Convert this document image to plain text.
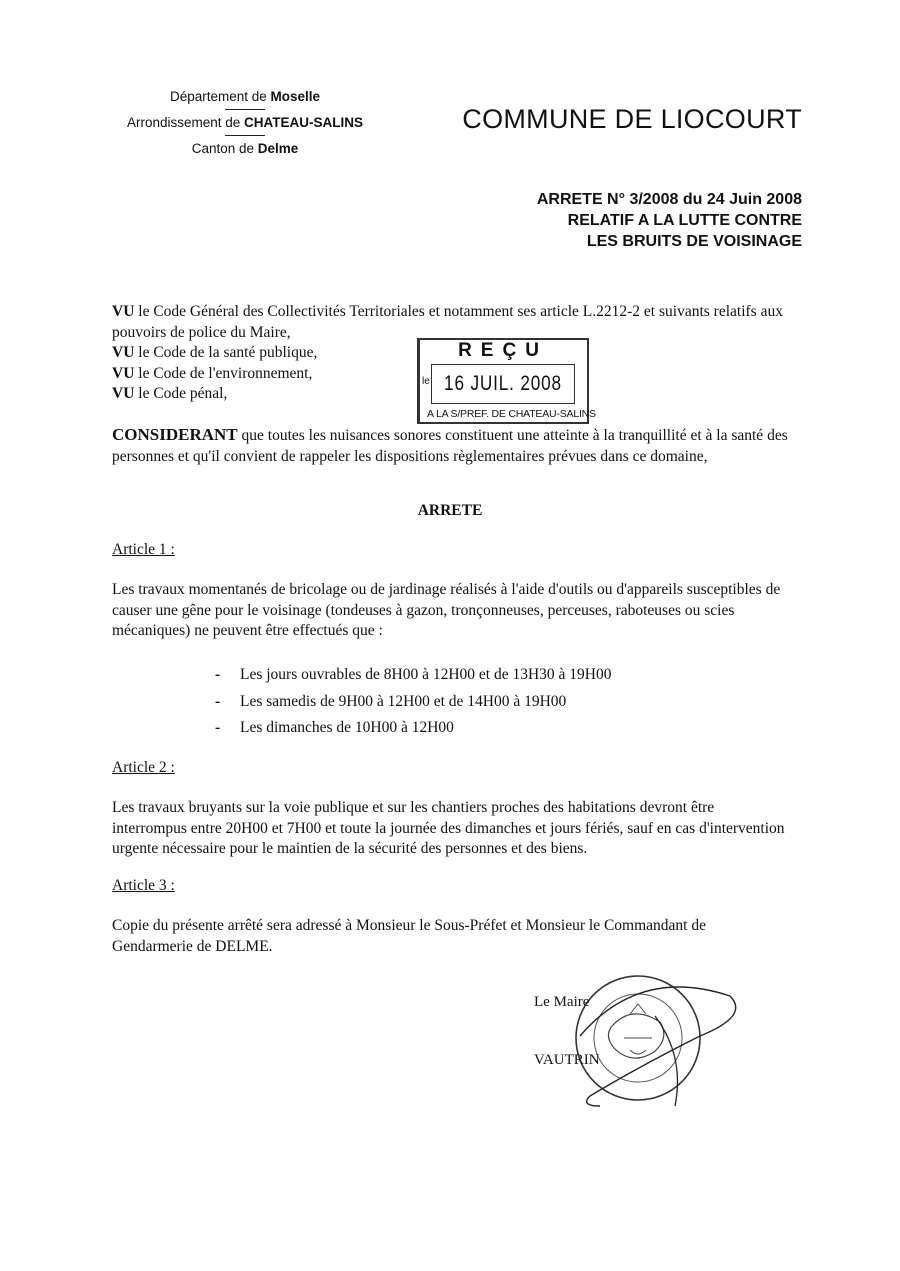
Département de Moselle
Arrondissement de CHATEAU-SALINS
Canton de Delme
COMMUNE DE LIOCOURT
ARRETE N° 3/2008 du 24 Juin 2008
RELATIF A LA LUTTE CONTRE
LES BRUITS DE VOISINAGE
VU le Code Général des Collectivités Territoriales et notamment ses article L.2212-2 et suivants relatifs aux pouvoirs de police du Maire,
VU le Code de la santé publique,
VU le Code de l'environnement,
VU le Code pénal,
REÇU
le 16 JUIL. 2008
A LA S/PREF. DE CHATEAU-SALINS
CONSIDERANT que toutes les nuisances sonores constituent une atteinte à la tranquillité et à la santé des personnes et qu'il convient de rappeler les dispositions règlementaires prévues dans ce domaine,
ARRETE
Article 1 :
Les travaux momentanés de bricolage ou de jardinage réalisés à l'aide d'outils ou d'appareils susceptibles de causer une gêne pour le voisinage (tondeuses à gazon, tronçonneuses, perceuses, raboteuses ou scies mécaniques) ne peuvent être effectués que :
- Les jours ouvrables de 8H00 à 12H00 et de 13H30 à 19H00
- Les samedis de 9H00 à 12H00 et de 14H00 à 19H00
- Les dimanches de 10H00 à 12H00
Article 2 :
Les travaux bruyants sur la voie publique et sur les chantiers proches des habitations devront être interrompus entre 20H00 et 7H00 et toute la journée des dimanches et jours fériés, sauf en cas d'intervention urgente nécessaire pour le maintien de la sécurité des personnes et des biens.
Article 3 :
Copie du présente arrêté sera adressé à Monsieur le Sous-Préfet et Monsieur le Commandant de Gendarmerie de DELME.
Le Maire
VAUTRIN
